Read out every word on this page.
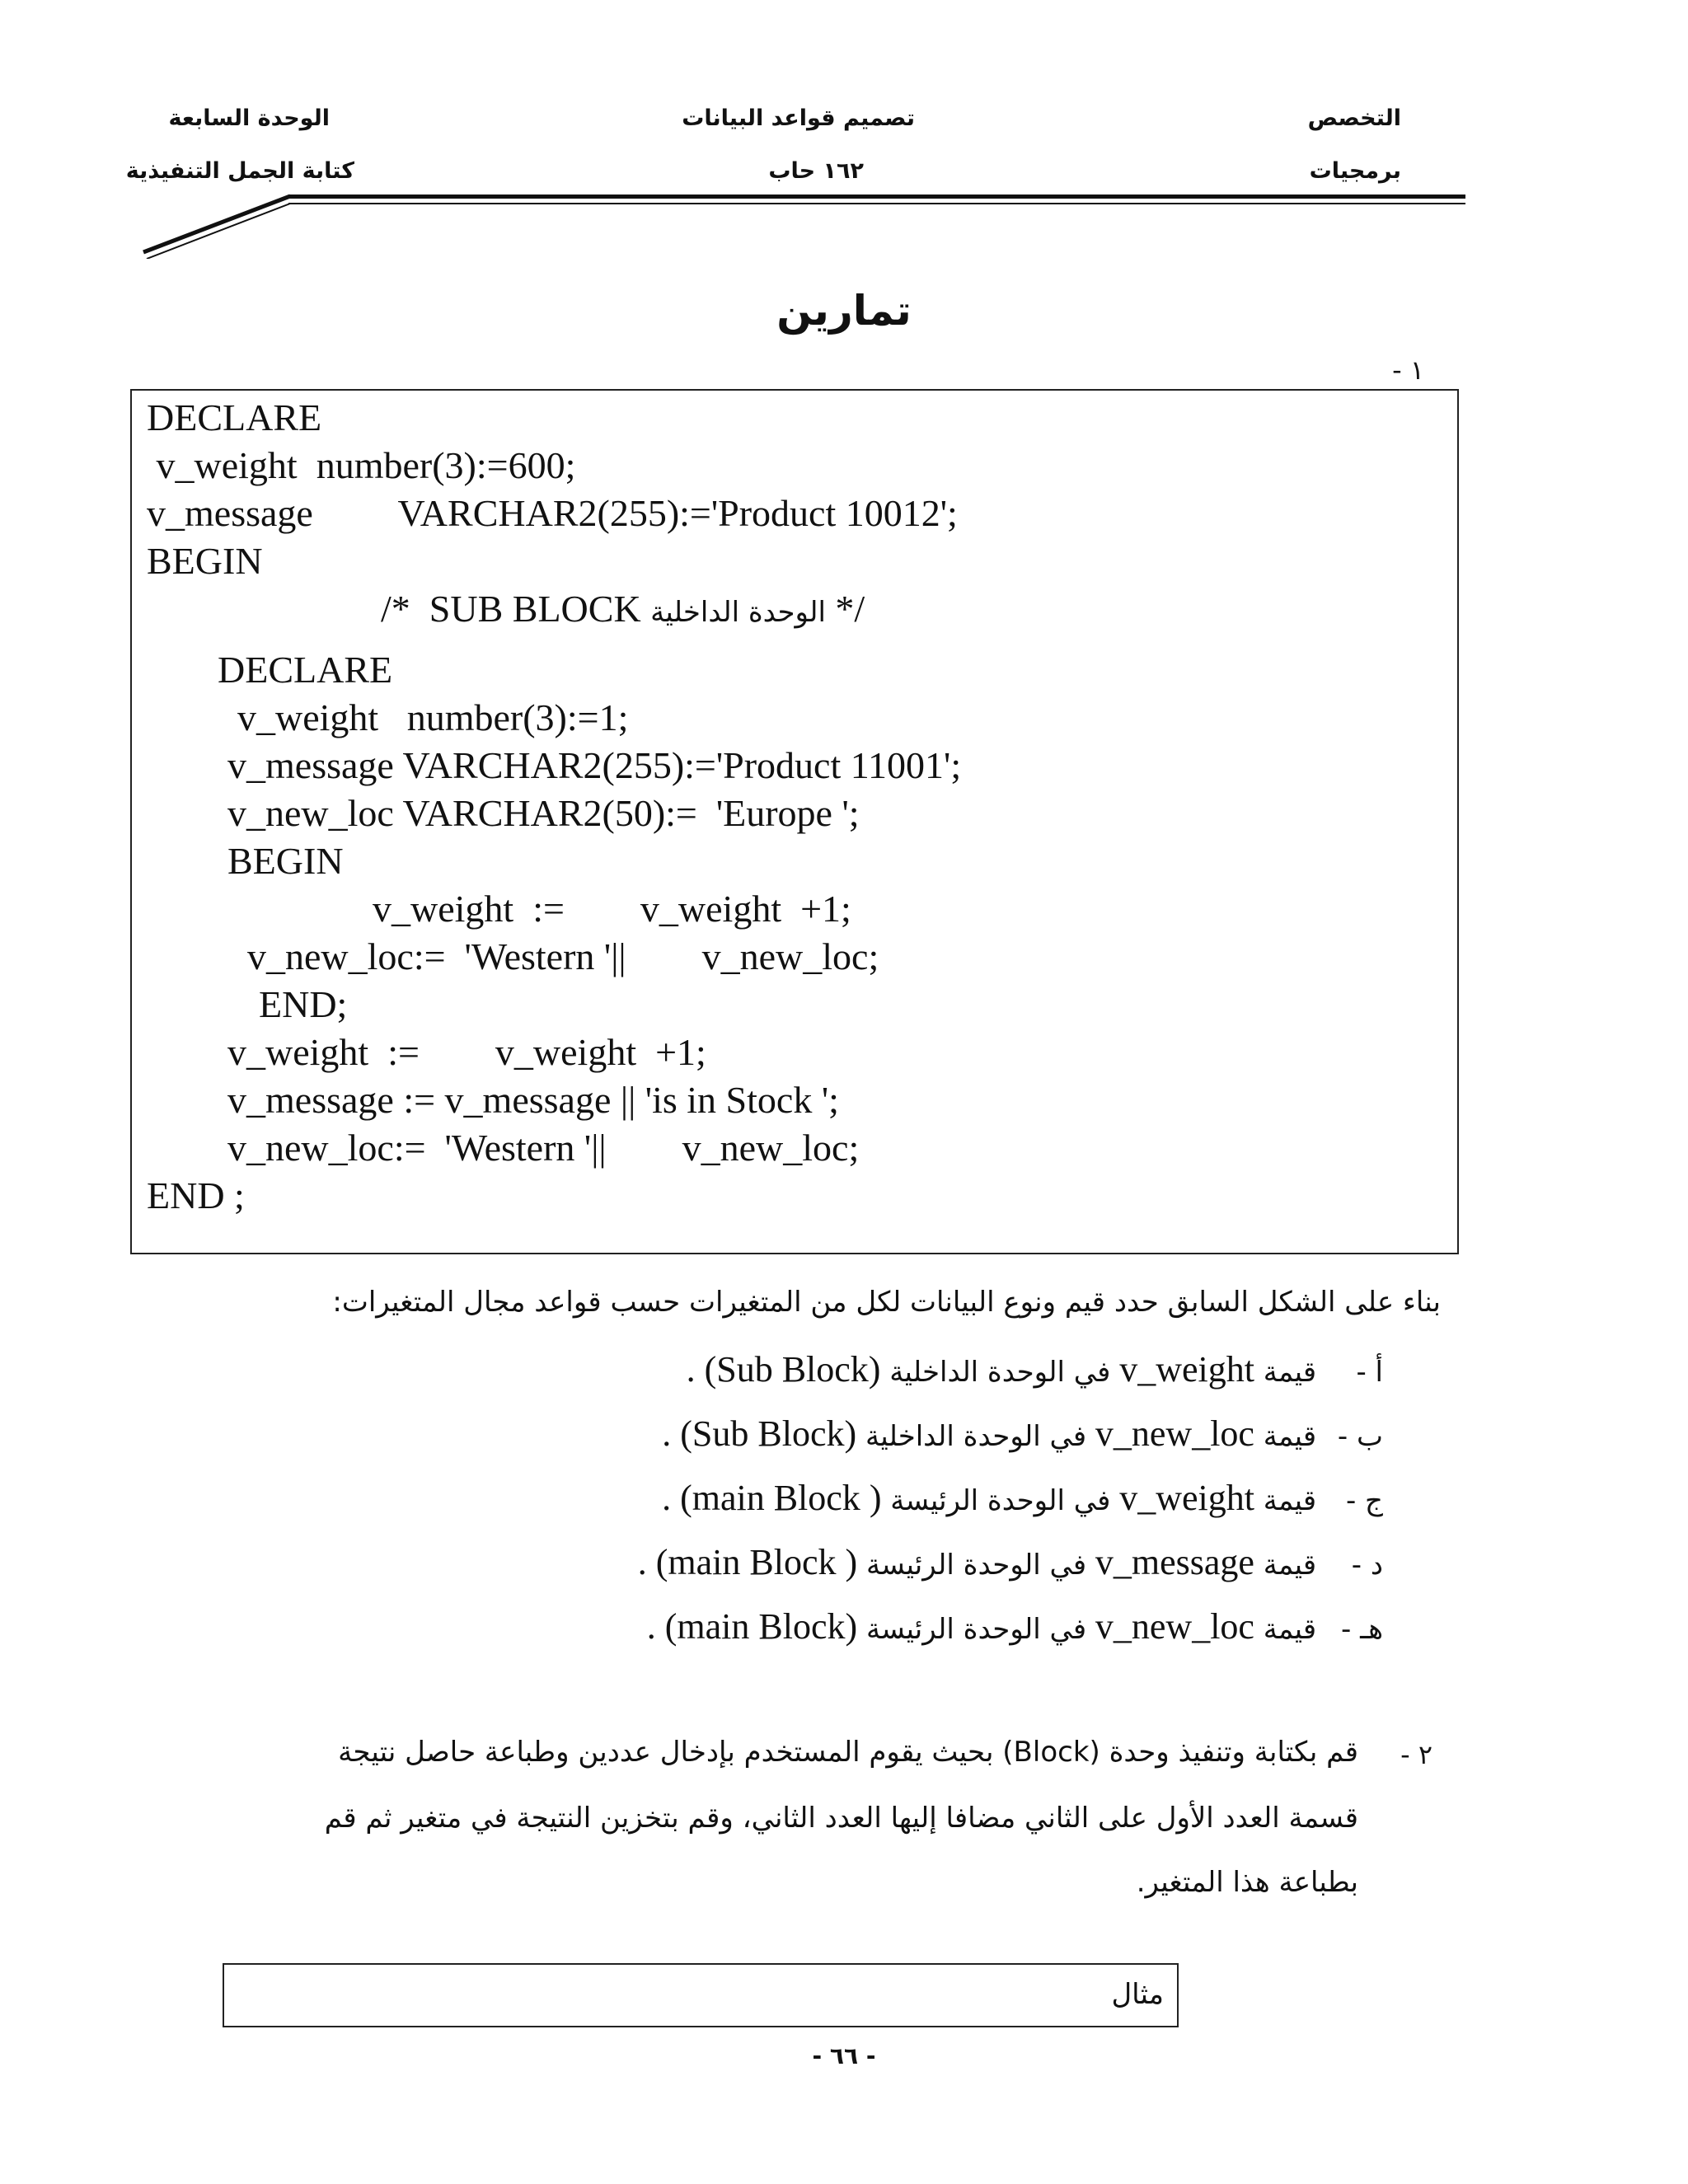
التخصص
برمجيات
تصميم قواعد البيانات
١٦٢ حاب
الوحدة السابعة
كتابة الجمل التنفيذية
تمارين
١ -
DECLARE
v_weight  number(3):=600;
v_message         VARCHAR2(255):='Product 10012';
BEGIN
/*  SUB BLOCK الوحدة الداخلية */
DECLARE
v_weight   number(3):=1;
v_message VARCHAR2(255):='Product 11001';
v_new_loc VARCHAR2(50):=  'Europe ';
BEGIN
v_weight  :=        v_weight  +1;
v_new_loc:=  'Western '||        v_new_loc;
END;
v_weight  :=        v_weight  +1;
v_message := v_message || 'is in Stock ';
v_new_loc:=  'Western '||        v_new_loc;
END ;
بناء على الشكل السابق حدد قيم ونوع البيانات لكل من المتغيرات حسب قواعد مجال المتغيرات:
أ - قيمة v_weight في الوحدة الداخلية (Sub Block) .
ب - قيمة v_new_loc في الوحدة الداخلية (Sub Block) .
ج - قيمة v_weight في الوحدة الرئيسة ( main Block) .
د - قيمة v_message في الوحدة الرئيسة ( main Block) .
هـ - قيمة v_new_loc في الوحدة الرئيسة (main Block) .
٢ -
قم بكتابة وتنفيذ وحدة (Block) بحيث يقوم المستخدم بإدخال عددين وطباعة حاصل نتيجة
قسمة العدد الأول على الثاني مضافا إليها العدد الثاني، وقم بتخزين النتيجة في متغير ثم قم
بطباعة هذا المتغير.
مثال
- ٦٦ -
